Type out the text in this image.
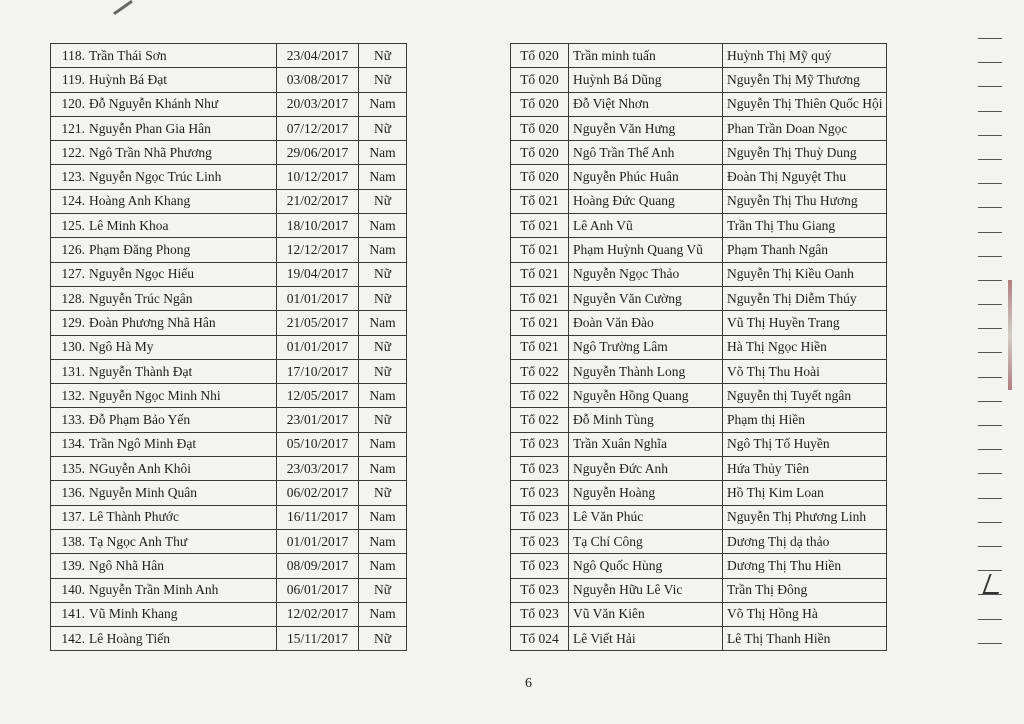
118. Trần Thái Sơn	23/04/2017	Nữ
119. Huỳnh Bá Đạt	03/08/2017	Nữ
120. Đỗ Nguyễn Khánh Như	20/03/2017	Nam
121. Nguyễn Phan Gia Hân	07/12/2017	Nữ
122. Ngô Trần Nhã Phương	29/06/2017	Nam
123. Nguyễn Ngọc Trúc Linh	10/12/2017	Nam
124. Hoàng Anh Khang	21/02/2017	Nữ
125. Lê Minh Khoa	18/10/2017	Nam
126. Phạm Đăng Phong	12/12/2017	Nam
127. Nguyễn Ngọc Hiếu	19/04/2017	Nữ
128. Nguyễn Trúc Ngân	01/01/2017	Nữ
129. Đoàn Phương Nhã Hân	21/05/2017	Nam
130. Ngô Hà My	01/01/2017	Nữ
131. Nguyễn Thành Đạt	17/10/2017	Nữ
132. Nguyễn Ngọc Minh Nhi	12/05/2017	Nam
133. Đỗ Phạm Bảo Yến	23/01/2017	Nữ
134. Trần Ngô Minh Đạt	05/10/2017	Nam
135. NGuyễn Anh Khôi	23/03/2017	Nam
136. Nguyễn Minh Quân	06/02/2017	Nữ
137. Lê Thành Phước	16/11/2017	Nam
138. Tạ Ngọc Anh Thư	01/01/2017	Nam
139. Ngô Nhã Hân	08/09/2017	Nam
140. Nguyễn Trần Minh Anh	06/01/2017	Nữ
141. Vũ Minh Khang	12/02/2017	Nam
142. Lê Hoàng Tiến	15/11/2017	Nữ
Tổ 020	Trần minh tuấn	Huỳnh Thị Mỹ quý
Tổ 020	Huỳnh Bá Dũng	Nguyễn Thị Mỹ Thương
Tổ 020	Đỗ Việt Nhơn	Nguyễn Thị Thiên Quốc Hội
Tổ 020	Nguyễn Văn Hưng	Phan Trần Doan Ngọc
Tổ 020	Ngô Trần Thế Anh	Nguyễn Thị Thuỳ Dung
Tổ 020	Nguyễn Phúc Huân	Đoàn Thị Nguyệt Thu
Tổ 021	Hoàng Đức Quang	Nguyễn Thị Thu Hương
Tổ 021	Lê Anh Vũ	Trần Thị Thu Giang
Tổ 021	Phạm Huỳnh Quang Vũ	Phạm Thanh Ngân
Tổ 021	Nguyễn Ngọc Thảo	Nguyễn Thị Kiều Oanh
Tổ 021	Nguyễn Văn Cường	Nguyễn Thị Diễm Thúy
Tổ 021	Đoàn Văn Đào	Vũ Thị Huyền Trang
Tổ 021	Ngô Trường Lâm	Hà Thị Ngọc Hiền
Tổ 022	Nguyễn Thành Long	Võ Thị Thu Hoài
Tổ 022	Nguyễn Hồng Quang	Nguyễn thị Tuyết ngân
Tổ 022	Đỗ Minh Tùng	Phạm thị Hiền
Tổ 023	Trần Xuân Nghĩa	Ngô Thị Tố Huyền
Tổ 023	Nguyễn Đức Anh	Hứa Thủy Tiên
Tổ 023	Nguyễn Hoàng	Hồ Thị Kim Loan
Tổ 023	Lê Văn Phúc	Nguyễn Thị Phương Linh
Tổ 023	Tạ Chí Công	Dương Thị dạ thảo
Tổ 023	Ngô Quốc Hùng	Dương Thị Thu Hiền
Tổ 023	Nguyễn Hữu Lê Vic	Trần Thị Đông
Tổ 023	Vũ Văn Kiên	Võ Thị Hồng Hà
Tổ 024	Lê Viết Hải	Lê Thị Thanh Hiền
6
